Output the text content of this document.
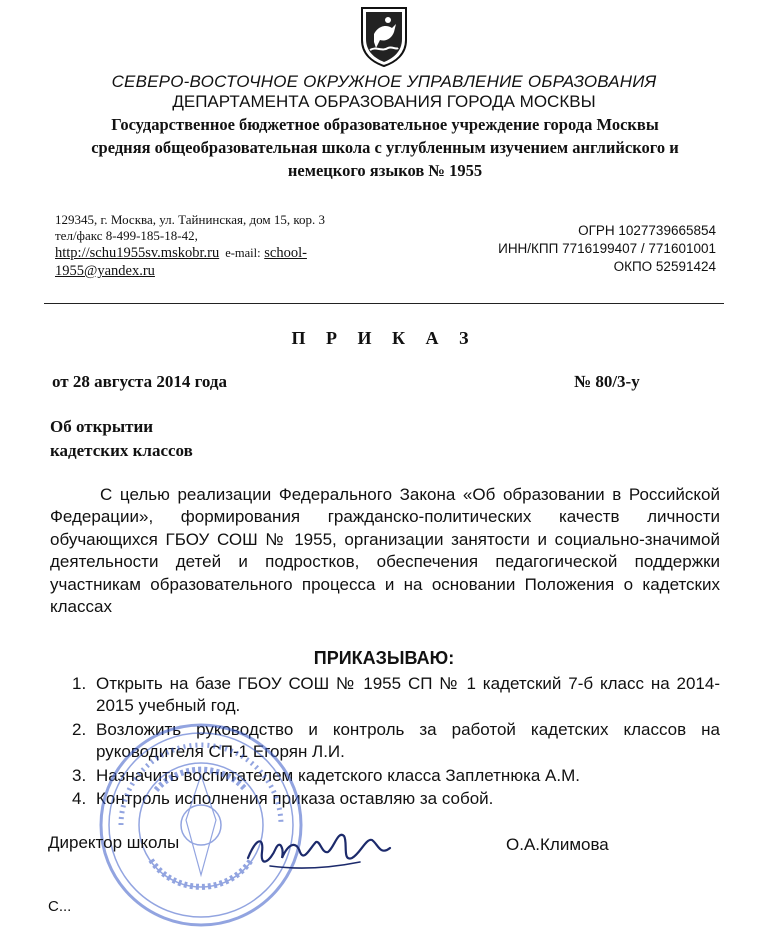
СЕВЕРО-ВОСТОЧНОЕ ОКРУЖНОЕ УПРАВЛЕНИЕ ОБРАЗОВАНИЯ
ДЕПАРТАМЕНТА ОБРАЗОВАНИЯ ГОРОДА МОСКВЫ
Государственное бюджетное образовательное учреждение города Москвы
средняя общеобразовательная школа с углубленным изучением английского и
немецкого языков № 1955
129345, г. Москва, ул. Тайнинская, дом 15, кор. 3
тел/факс 8-499-185-18-42,
http://schu1955sv.mskobr.ru e-mail: school-
1955@yandex.ru
ОГРН 1027739665854
ИНН/КПП 7716199407 / 771601001
ОКПО 52591424
П Р И К А З
от 28 августа 2014 года	№ 80/3-у
Об открытии
кадетских классов
С целью реализации Федерального Закона «Об образовании в Российской Федерации», формирования гражданско-политических качеств личности обучающихся ГБОУ СОШ № 1955, организации занятости и социально-значимой деятельности детей и подростков, обеспечения педагогической поддержки участникам образовательного процесса и на основании Положения о кадетских классах
ПРИКАЗЫВАЮ:
1. Открыть на базе ГБОУ СОШ № 1955 СП № 1 кадетский 7-б класс на 2014-2015 учебный год.
2. Возложить руководство и контроль за работой кадетских классов на руководителя СП-1 Егорян Л.И.
3. Назначить воспитателем кадетского класса Заплетнюка А.М.
4. Контроль исполнения приказа оставляю за собой.
Директор школы	О.А.Климова
С...
